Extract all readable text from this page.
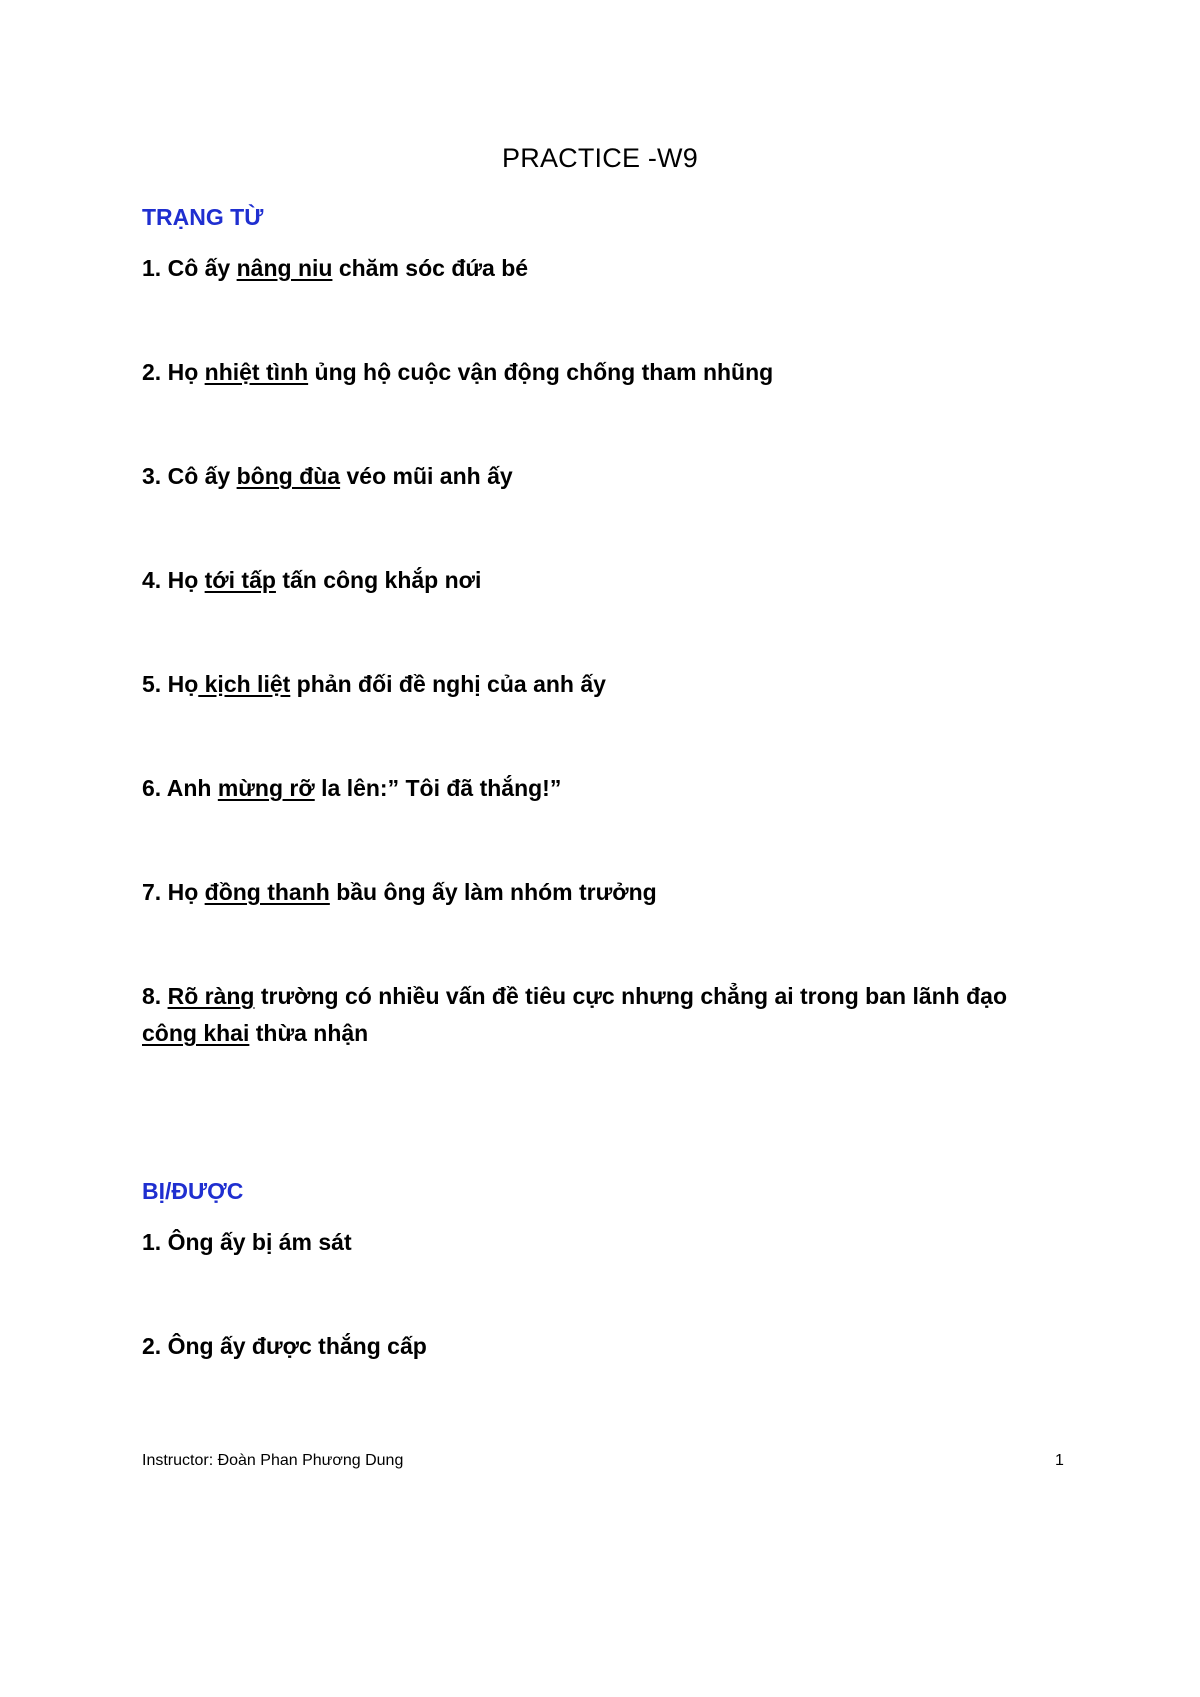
PRACTICE -W9
TRẠNG TỪ
1. Cô ấy nâng niu chăm sóc đứa bé
2. Họ nhiệt tình ủng hộ cuộc vận động chống tham nhũng
3. Cô ấy bông đùa véo mũi anh ấy
4. Họ tới tấp tấn công khắp nơi
5. Họ kịch liệt phản đối đề nghị của anh ấy
6. Anh mừng rỡ la lên:” Tôi đã thắng!”
7. Họ đồng thanh bầu ông ấy làm nhóm trưởng
8. Rõ ràng trường có nhiều vấn đề tiêu cực nhưng chẳng ai trong ban lãnh đạo
công khai thừa nhận
BỊ/ĐƯỢC
1. Ông ấy bị ám sát
2. Ông ấy được thắng cấp
Instructor: Đoàn Phan Phương Dung	1
